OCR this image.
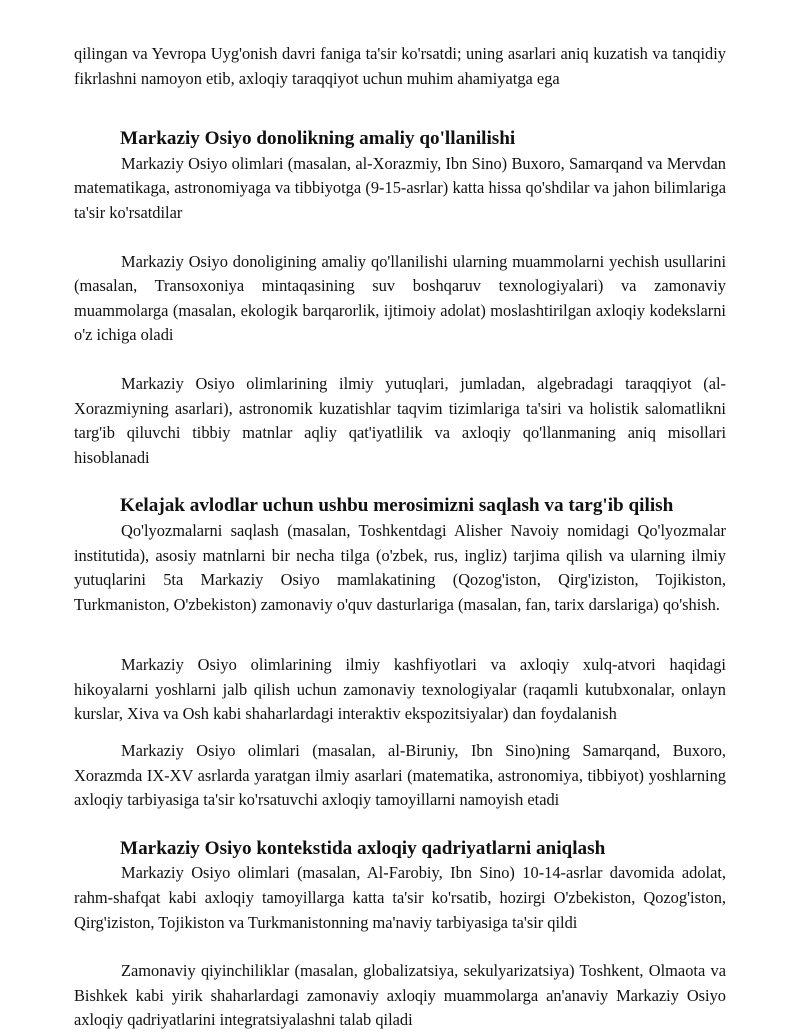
qilingan va Yevropa Uyg'onish davri faniga ta'sir ko'rsatdi; uning asarlari aniq kuzatish va tanqidiy fikrlashni namoyon etib, axloqiy taraqqiyot uchun muhim ahamiyatga ega

Markaziy Osiyo donolikning amaliy qo'llanilishi

Markaziy Osiyo olimlari (masalan, al-Xorazmiy, Ibn Sino) Buxoro, Samarqand va Mervdan matematikaga, astronomiyaga va tibbiyotga (9-15-asrlar) katta hissa qo'shdilar va jahon bilimlariga ta'sir ko'rsatdilar

Markaziy Osiyo donoligining amaliy qo'llanilishi ularning muammolarni yechish usullarini (masalan, Transoxoniya mintaqasining suv boshqaruv texnologiyalari) va zamonaviy muammolarga (masalan, ekologik barqarorlik, ijtimoiy adolat) moslashtirilgan axloqiy kodekslarni o'z ichiga oladi

Markaziy Osiyo olimlarining ilmiy yutuqlari, jumladan, algebradagi taraqqiyot (al-Xorazmiyning asarlari), astronomik kuzatishlar taqvim tizimlariga ta'siri va holistik salomatlikni targ'ib qiluvchi tibbiy matnlar aqliy qat'iyatlilik va axloqiy qo'llanmaning aniq misollari hisoblanadi

Kelajak avlodlar uchun ushbu merosimizni saqlash va targ'ib qilish

Qo'lyozmalarni saqlash (masalan, Toshkentdagi Alisher Navoiy nomidagi Qo'lyozmalar institutida), asosiy matnlarni bir necha tilga (o'zbek, rus, ingliz) tarjima qilish va ularning ilmiy yutuqlarini 5ta Markaziy Osiyo mamlakatining (Qozog'iston, Qirg'iziston, Tojikiston, Turkmaniston, O'zbekiston) zamonaviy o'quv dasturlariga (masalan, fan, tarix darslariga) qo'shish.

Markaziy Osiyo olimlarining ilmiy kashfiyotlari va axloqiy xulq-atvori haqidagi hikoyalarni yoshlarni jalb qilish uchun zamonaviy texnologiyalar (raqamli kutubxonalar, onlayn kurslar, Xiva va Osh kabi shaharlardagi interaktiv ekspozitsiyalar) dan foydalanish

Markaziy Osiyo olimlari (masalan, al-Biruniy, Ibn Sino)ning Samarqand, Buxoro, Xorazmda IX-XV asrlarda yaratgan ilmiy asarlari (matematika, astronomiya, tibbiyot) yoshlarning axloqiy tarbiyasiga ta'sir ko'rsatuvchi axloqiy tamoyillarni namoyish etadi

Markaziy Osiyo kontekstida axloqiy qadriyatlarni aniqlash

Markaziy Osiyo olimlari (masalan, Al-Farobiy, Ibn Sino) 10-14-asrlar davomida adolat, rahm-shafqat kabi axloqiy tamoyillarga katta ta'sir ko'rsatib, hozirgi O'zbekiston, Qozog'iston, Qirg'iziston, Tojikiston va Turkmanistonning ma'naviy tarbiyasiga ta'sir qildi

Zamonaviy qiyinchiliklar (masalan, globalizatsiya, sekulyarizatsiya) Toshkent, Olmaota va Bishkek kabi yirik shaharlardagi zamonaviy axloqiy muammolarga an'anaviy Markaziy Osiyo axloqiy qadriyatlarini integratsiyalashni talab qiladi
